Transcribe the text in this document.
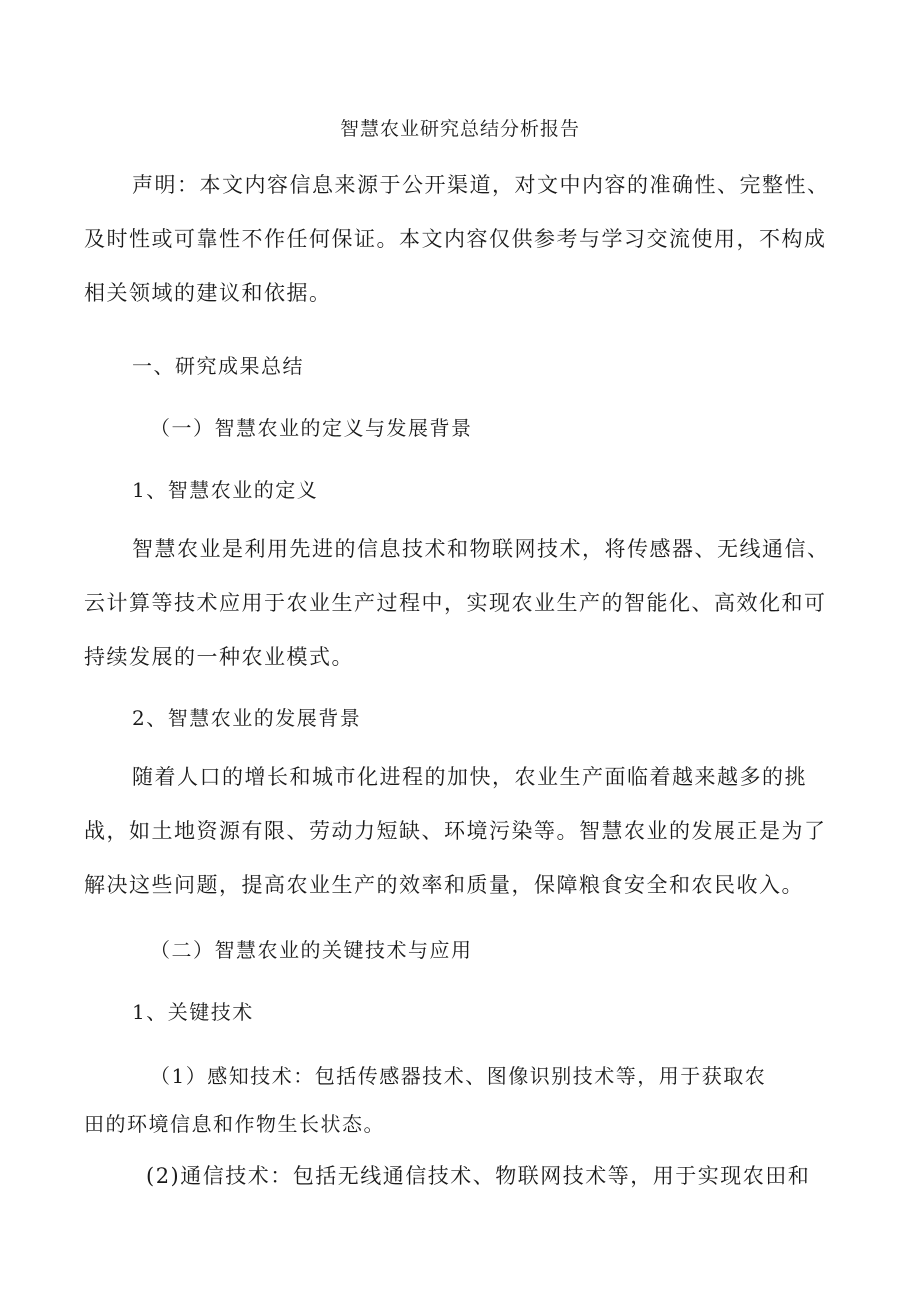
智慧农业研究总结分析报告
声明：本文内容信息来源于公开渠道，对文中内容的准确性、完整性、
及时性或可靠性不作任何保证。本文内容仅供参考与学习交流使用，不构成
相关领域的建议和依据。
一、研究成果总结
（一）智慧农业的定义与发展背景
1、智慧农业的定义
智慧农业是利用先进的信息技术和物联网技术，将传感器、无线通信、
云计算等技术应用于农业生产过程中，实现农业生产的智能化、高效化和可
持续发展的一种农业模式。
2、智慧农业的发展背景
随着人口的增长和城市化进程的加快，农业生产面临着越来越多的挑
战，如土地资源有限、劳动力短缺、环境污染等。智慧农业的发展正是为了
解决这些问题，提高农业生产的效率和质量，保障粮食安全和农民收入。
（二）智慧农业的关键技术与应用
1、关键技术
（1）感知技术：包括传感器技术、图像识别技术等，用于获取农
田的环境信息和作物生长状态。
(2)通信技术：包括无线通信技术、物联网技术等，用于实现农田和
